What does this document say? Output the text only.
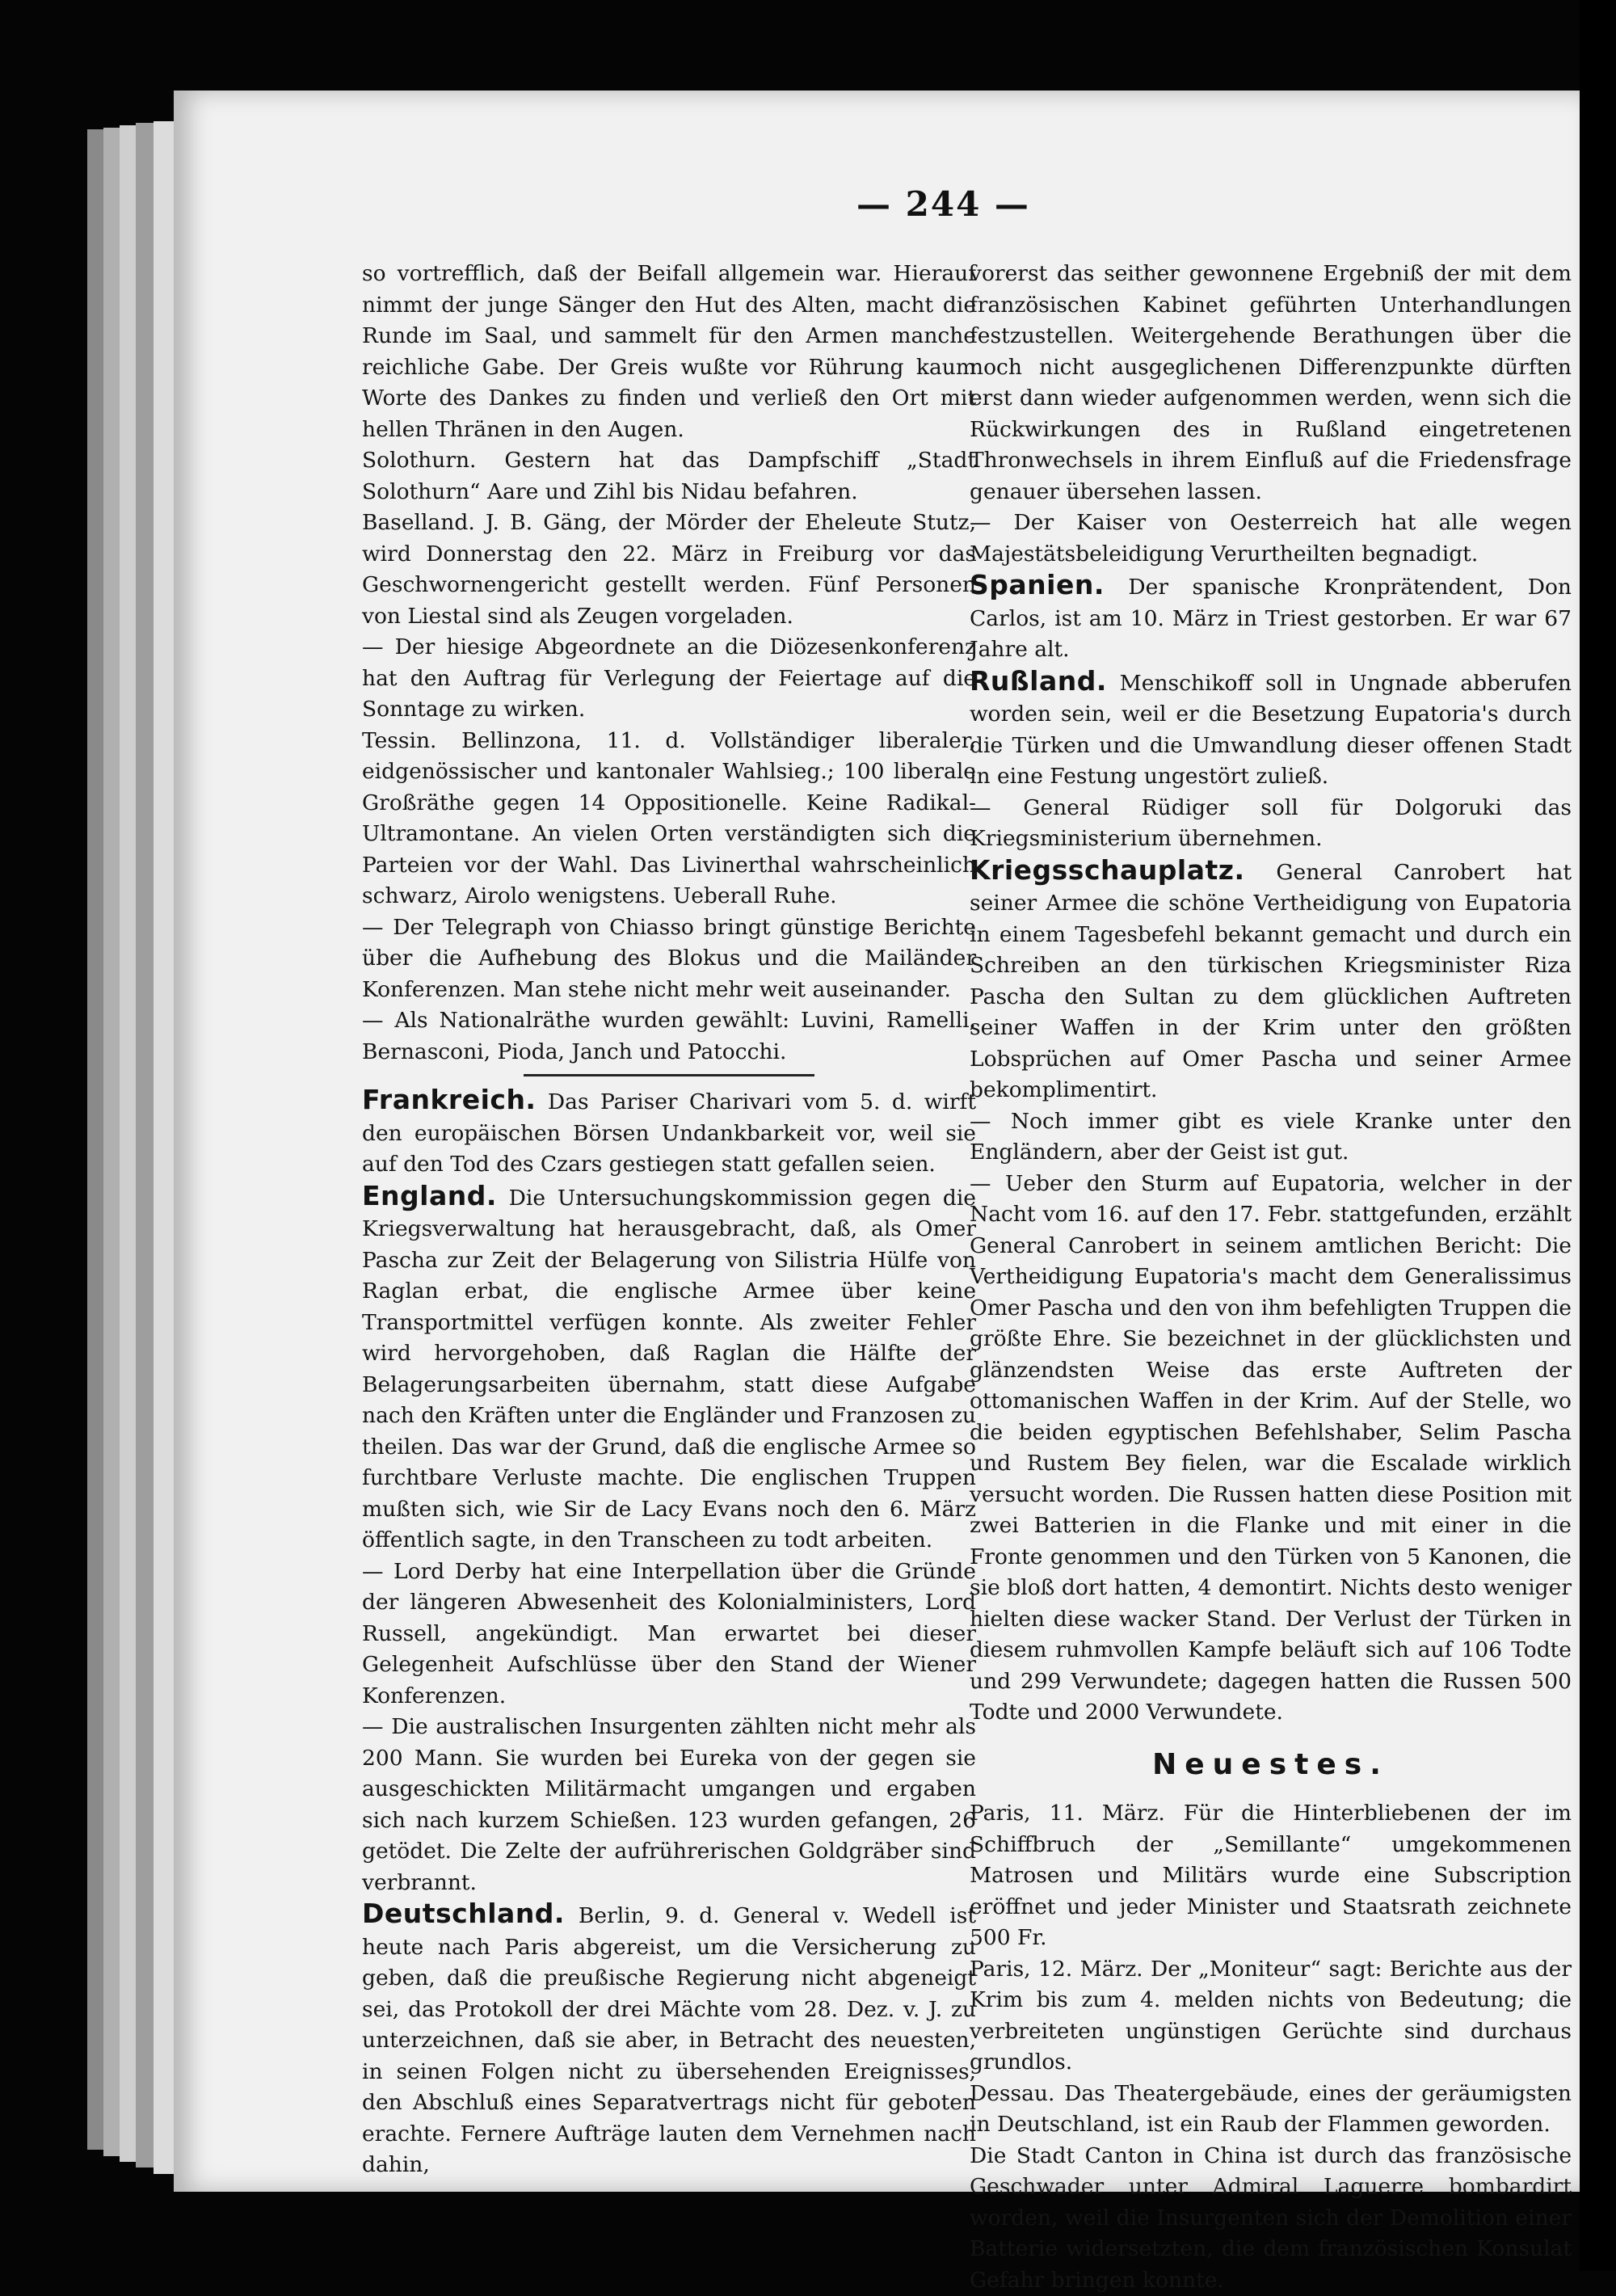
— 244 —

so vortrefflich, daß der Beifall allgemein war. Hierauf nimmt der junge Sänger den Hut des Alten, macht die Runde im Saal, und sammelt für den Armen manche reichliche Gabe. Der Greis wußte vor Rührung kaum Worte des Dankes zu finden und verließ den Ort mit hellen Thränen in den Augen.

Solothurn. Gestern hat das Dampfschiff „Stadt Solothurn“ Aare und Zihl bis Nidau befahren.

Baselland. J. B. Gäng, der Mörder der Eheleute Stutz, wird Donnerstag den 22. März in Freiburg vor das Geschwornengericht gestellt werden. Fünf Personen von Liestal sind als Zeugen vorgeladen.

— Der hiesige Abgeordnete an die Diözesenkonferenz hat den Auftrag für Verlegung der Feiertage auf die Sonntage zu wirken.

Tessin. Bellinzona, 11. d. Vollständiger liberaler, eidgenössischer und kantonaler Wahlsieg.; 100 liberale Großräthe gegen 14 Oppositionelle. Keine Radikal-Ultramontane. An vielen Orten verständigten sich die Parteien vor der Wahl. Das Livinerthal wahrscheinlich schwarz, Airolo wenigstens. Ueberall Ruhe.

— Der Telegraph von Chiasso bringt günstige Berichte über die Aufhebung des Blokus und die Mailänder Konferenzen. Man stehe nicht mehr weit auseinander.

— Als Nationalräthe wurden gewählt: Luvini, Ramelli, Bernasconi, Pioda, Janch und Patocchi.

Frankreich. Das Pariser Charivari vom 5. d. wirft den europäischen Börsen Undankbarkeit vor, weil sie auf den Tod des Czars gestiegen statt gefallen seien.

England. Die Untersuchungskommission gegen die Kriegsverwaltung hat herausgebracht, daß, als Omer Pascha zur Zeit der Belagerung von Silistria Hülfe von Raglan erbat, die englische Armee über keine Transportmittel verfügen konnte. Als zweiter Fehler wird hervorgehoben, daß Raglan die Hälfte der Belagerungsarbeiten übernahm, statt diese Aufgabe nach den Kräften unter die Engländer und Franzosen zu theilen. Das war der Grund, daß die englische Armee so furchtbare Verluste machte. Die englischen Truppen mußten sich, wie Sir de Lacy Evans noch den 6. März öffentlich sagte, in den Transcheen zu todt arbeiten.

— Lord Derby hat eine Interpellation über die Gründe der längeren Abwesenheit des Kolonialministers, Lord Russell, angekündigt. Man erwartet bei dieser Gelegenheit Aufschlüsse über den Stand der Wiener Konferenzen.

— Die australischen Insurgenten zählten nicht mehr als 200 Mann. Sie wurden bei Eureka von der gegen sie ausgeschickten Militärmacht umgangen und ergaben sich nach kurzem Schießen. 123 wurden gefangen, 26 getödet. Die Zelte der aufrührerischen Goldgräber sind verbrannt.

Deutschland. Berlin, 9. d. General v. Wedell ist heute nach Paris abgereist, um die Versicherung zu geben, daß die preußische Regierung nicht abgeneigt sei, das Protokoll der drei Mächte vom 28. Dez. v. J. zu unterzeichnen, daß sie aber, in Betracht des neuesten, in seinen Folgen nicht zu übersehenden Ereignisses, den Abschluß eines Separatvertrags nicht für geboten erachte. Fernere Aufträge lauten dem Vernehmen nach dahin,

vorerst das seither gewonnene Ergebniß der mit dem französischen Kabinet geführten Unterhandlungen festzustellen. Weitergehende Berathungen über die noch nicht ausgeglichenen Differenzpunkte dürften erst dann wieder aufgenommen werden, wenn sich die Rückwirkungen des in Rußland eingetretenen Thronwechsels in ihrem Einfluß auf die Friedensfrage genauer übersehen lassen.

— Der Kaiser von Oesterreich hat alle wegen Majestätsbeleidigung Verurtheilten begnadigt.

Spanien. Der spanische Kronprätendent, Don Carlos, ist am 10. März in Triest gestorben. Er war 67 Jahre alt.

Rußland. Menschikoff soll in Ungnade abberufen worden sein, weil er die Besetzung Eupatoria's durch die Türken und die Umwandlung dieser offenen Stadt in eine Festung ungestört zuließ.

— General Rüdiger soll für Dolgoruki das Kriegsministerium übernehmen.

Kriegsschauplatz. General Canrobert hat seiner Armee die schöne Vertheidigung von Eupatoria in einem Tagesbefehl bekannt gemacht und durch ein Schreiben an den türkischen Kriegsminister Riza Pascha den Sultan zu dem glücklichen Auftreten seiner Waffen in der Krim unter den größten Lobsprüchen auf Omer Pascha und seiner Armee bekomplimentirt.

— Noch immer gibt es viele Kranke unter den Engländern, aber der Geist ist gut.

— Ueber den Sturm auf Eupatoria, welcher in der Nacht vom 16. auf den 17. Febr. stattgefunden, erzählt General Canrobert in seinem amtlichen Bericht: Die Vertheidigung Eupatoria's macht dem Generalissimus Omer Pascha und den von ihm befehligten Truppen die größte Ehre. Sie bezeichnet in der glücklichsten und glänzendsten Weise das erste Auftreten der ottomanischen Waffen in der Krim. Auf der Stelle, wo die beiden egyptischen Befehlshaber, Selim Pascha und Rustem Bey fielen, war die Escalade wirklich versucht worden. Die Russen hatten diese Position mit zwei Batterien in die Flanke und mit einer in die Fronte genommen und den Türken von 5 Kanonen, die sie bloß dort hatten, 4 demontirt. Nichts desto weniger hielten diese wacker Stand. Der Verlust der Türken in diesem ruhmvollen Kampfe beläuft sich auf 106 Todte und 299 Verwundete; dagegen hatten die Russen 500 Todte und 2000 Verwundete.

Neuestes.

Paris, 11. März. Für die Hinterbliebenen der im Schiffbruch der „Semillante“ umgekommenen Matrosen und Militärs wurde eine Subscription eröffnet und jeder Minister und Staatsrath zeichnete 500 Fr.

Paris, 12. März. Der „Moniteur“ sagt: Berichte aus der Krim bis zum 4. melden nichts von Bedeutung; die verbreiteten ungünstigen Gerüchte sind durchaus grundlos.

Dessau. Das Theatergebäude, eines der geräumigsten in Deutschland, ist ein Raub der Flammen geworden.

Die Stadt Canton in China ist durch das französische Geschwader unter Admiral Laguerre bombardirt worden, weil die Insurgenten sich der Demolition einer Batterie widersetzten, die dem französischen Konsulat Gefahr bringen konnte.
